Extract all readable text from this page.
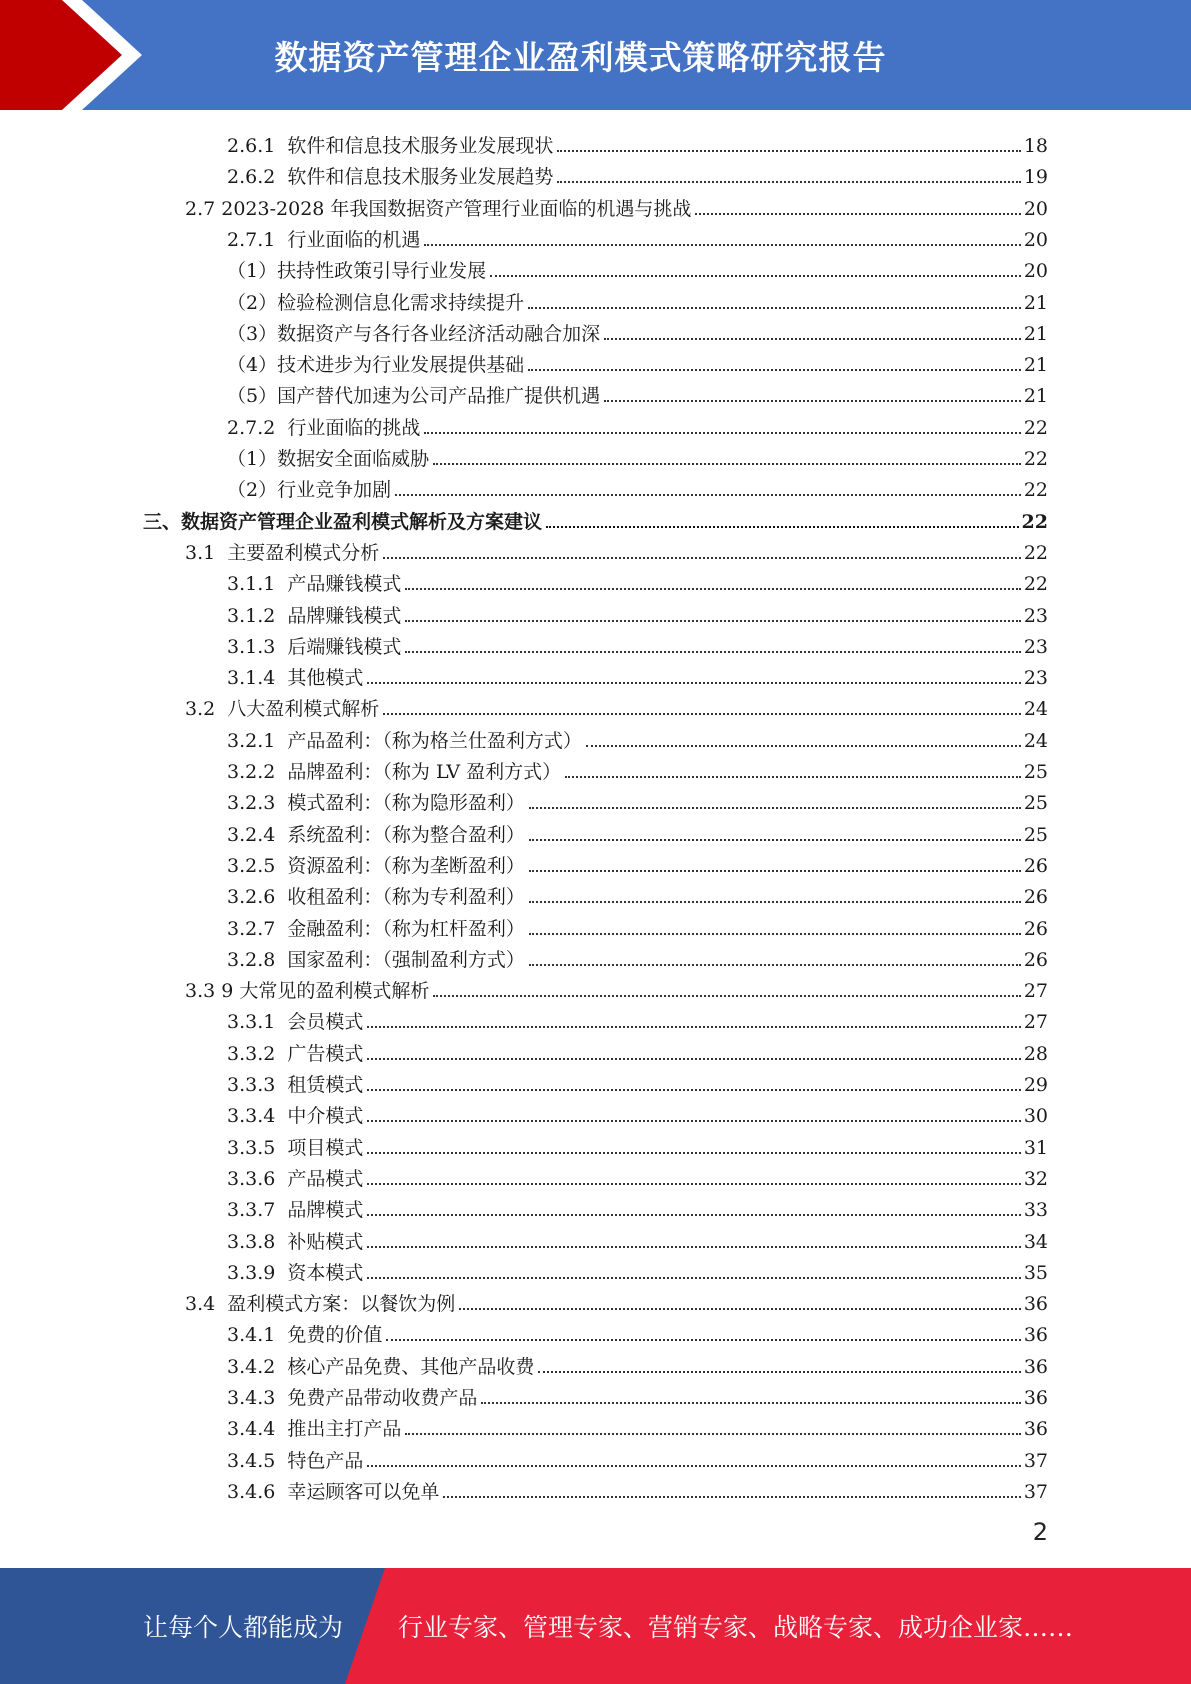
数据资产管理企业盈利模式策略研究报告
2.6.1  软件和信息技术服务业发展现状	18
2.6.2  软件和信息技术服务业发展趋势	19
2.7 2023-2028 年我国数据资产管理行业面临的机遇与挑战	20
2.7.1  行业面临的机遇	20
（1）扶持性政策引导行业发展	20
（2）检验检测信息化需求持续提升	21
（3）数据资产与各行各业经济活动融合加深	21
（4）技术进步为行业发展提供基础	21
（5）国产替代加速为公司产品推广提供机遇	21
2.7.2  行业面临的挑战	22
（1）数据安全面临威胁	22
（2）行业竞争加剧	22
三、数据资产管理企业盈利模式解析及方案建议	22
3.1  主要盈利模式分析	22
3.1.1  产品赚钱模式	22
3.1.2  品牌赚钱模式	23
3.1.3  后端赚钱模式	23
3.1.4  其他模式	23
3.2  八大盈利模式解析	24
3.2.1  产品盈利：（称为格兰仕盈利方式）	24
3.2.2  品牌盈利：（称为 LV 盈利方式）	25
3.2.3  模式盈利：（称为隐形盈利）	25
3.2.4  系统盈利：（称为整合盈利）	25
3.2.5  资源盈利：（称为垄断盈利）	26
3.2.6  收租盈利：（称为专利盈利）	26
3.2.7  金融盈利：（称为杠杆盈利）	26
3.2.8  国家盈利：（强制盈利方式）	26
3.3 9 大常见的盈利模式解析	27
3.3.1  会员模式	27
3.3.2  广告模式	28
3.3.3  租赁模式	29
3.3.4  中介模式	30
3.3.5  项目模式	31
3.3.6  产品模式	32
3.3.7  品牌模式	33
3.3.8  补贴模式	34
3.3.9  资本模式	35
3.4  盈利模式方案：以餐饮为例	36
3.4.1  免费的价值	36
3.4.2  核心产品免费、其他产品收费	36
3.4.3  免费产品带动收费产品	36
3.4.4  推出主打产品	36
3.4.5  特色产品	37
3.4.6  幸运顾客可以免单	37
2
让每个人都能成为 行业专家、管理专家、营销专家、战略专家、成功企业家……
